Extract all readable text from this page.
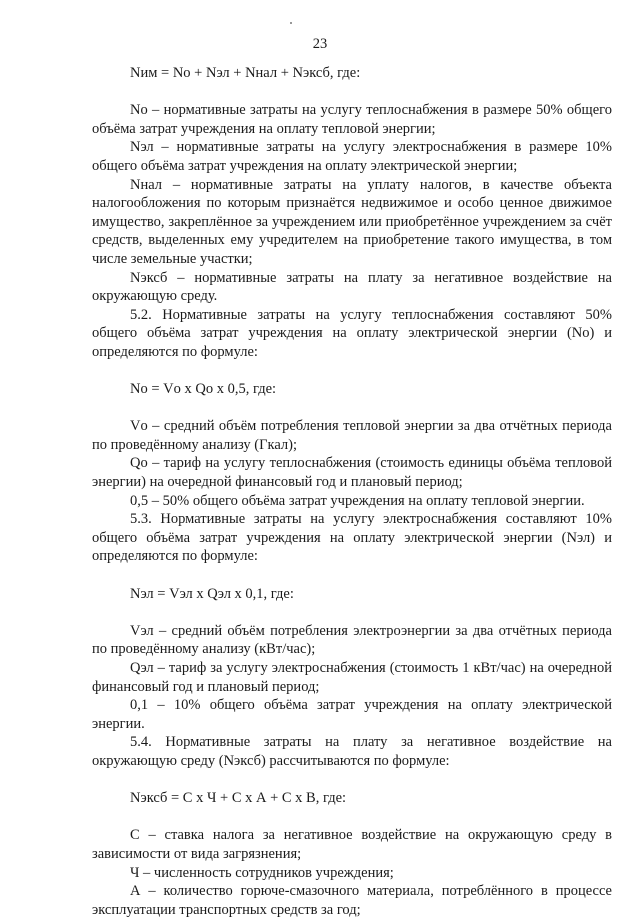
23

Nим = Nо + Nэл + Nнал + Nэксб, где:

Nо – нормативные затраты на услугу теплоснабжения в размере 50% общего объёма затрат учреждения на оплату тепловой энергии;

Nэл – нормативные затраты на услугу электроснабжения в размере 10% общего объёма затрат учреждения на оплату электрической энергии;

Nнал – нормативные затраты на уплату налогов, в качестве объекта налогообложения по которым признаётся недвижимое и особо ценное движимое имущество, закреплённое за учреждением или приобретённое учреждением за счёт средств, выделенных ему учредителем на приобретение такого имущества, в том числе земельные участки;

Nэксб – нормативные затраты на плату за негативное воздействие на окружающую среду.

5.2. Нормативные затраты на услугу теплоснабжения составляют 50% общего объёма затрат учреждения на оплату электрической энергии (Nо) и определяются по формуле:

Nо = Vо х Qо х 0,5, где:

Vо – средний объём потребления тепловой энергии за два отчётных периода по проведённому анализу (Гкал);

Qо – тариф на услугу теплоснабжения (стоимость единицы объёма тепловой энергии) на очередной финансовый год и плановый период;

0,5 – 50% общего объёма затрат учреждения на оплату тепловой энергии.

5.3. Нормативные затраты на услугу электроснабжения составляют 10% общего объёма затрат учреждения на оплату электрической энергии (Nэл) и определяются по формуле:

Nэл = Vэл х Qэл х 0,1, где:

Vэл – средний объём потребления электроэнергии за два отчётных периода по проведённому анализу (кВт/час);

Qэл – тариф за услугу электроснабжения (стоимость 1 кВт/час) на очередной финансовый год и плановый период;

0,1 – 10% общего объёма затрат учреждения на оплату электрической энергии.

5.4. Нормативные затраты на плату за негативное воздействие на окружающую среду (Nэксб) рассчитываются по формуле:

Nэксб = С х Ч + С х А + С х В, где:

С – ставка налога за негативное воздействие на окружающую среду в зависимости от вида загрязнения;

Ч – численность сотрудников учреждения;

А – количество горюче-смазочного материала, потреблённого в процессе эксплуатации транспортных средств за год;
